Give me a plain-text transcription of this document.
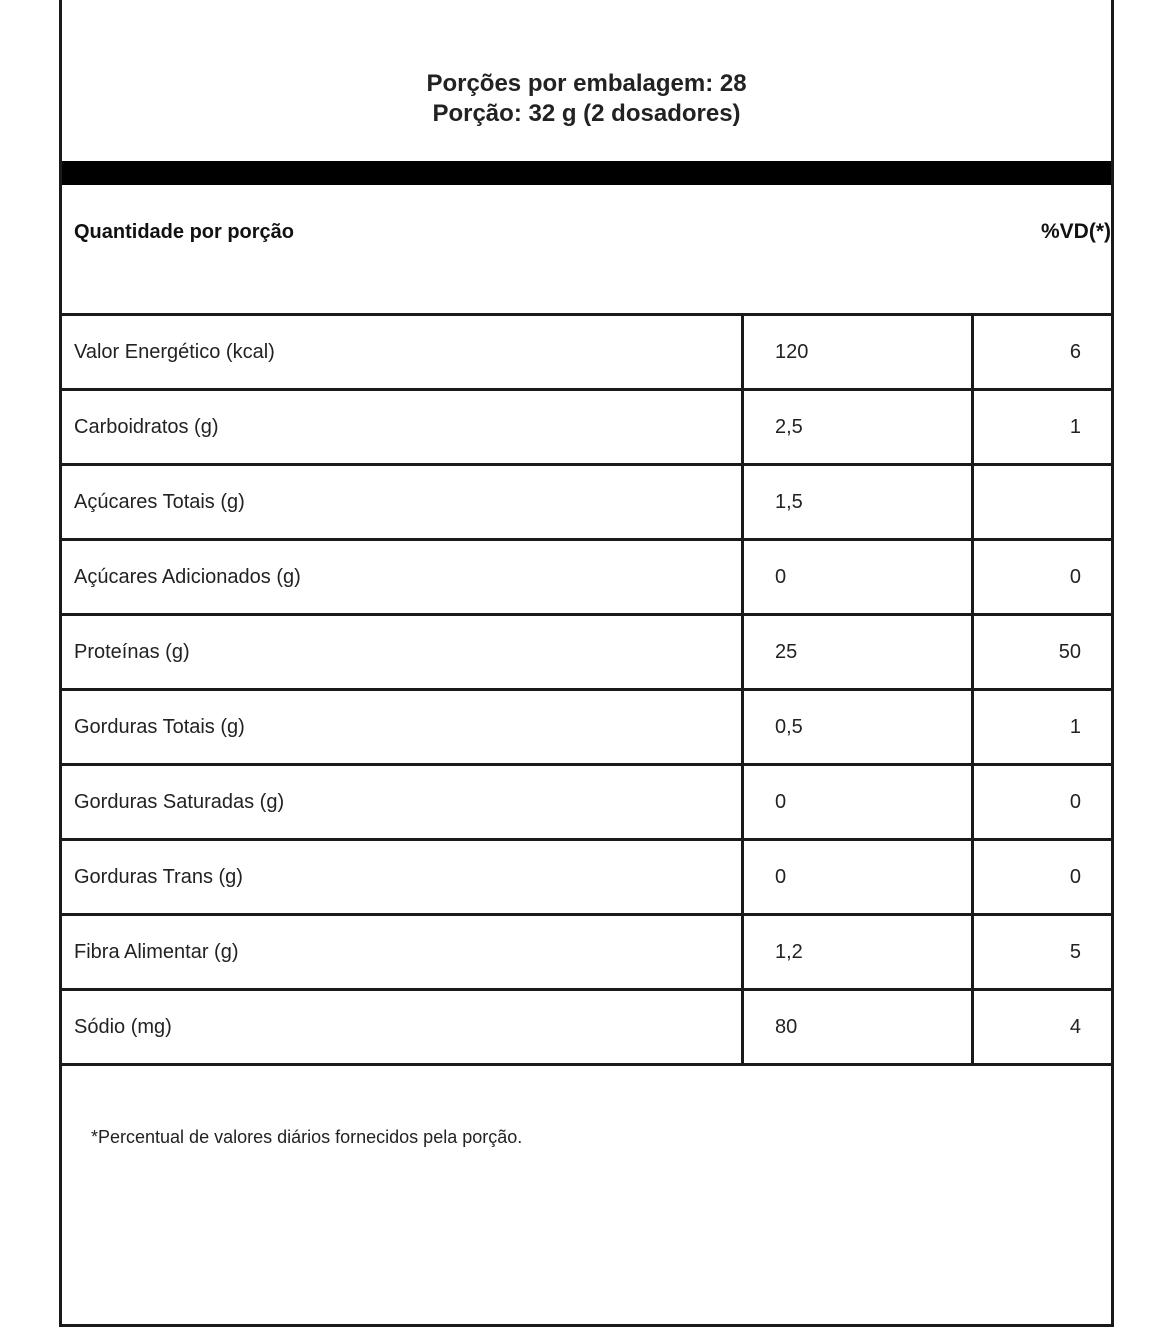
Porções por embalagem: 28
Porção: 32 g (2 dosadores)
Quantidade por porção	%VD(*)
Valor Energético (kcal)	120	6
Carboidratos (g)	2,5	1
Açúcares Totais (g)	1,5	
Açúcares Adicionados (g)	0	0
Proteínas (g)	25	50
Gorduras Totais (g)	0,5	1
Gorduras Saturadas (g)	0	0
Gorduras Trans (g)	0	0
Fibra Alimentar (g)	1,2	5
Sódio (mg)	80	4
*Percentual de valores diários fornecidos pela porção.
